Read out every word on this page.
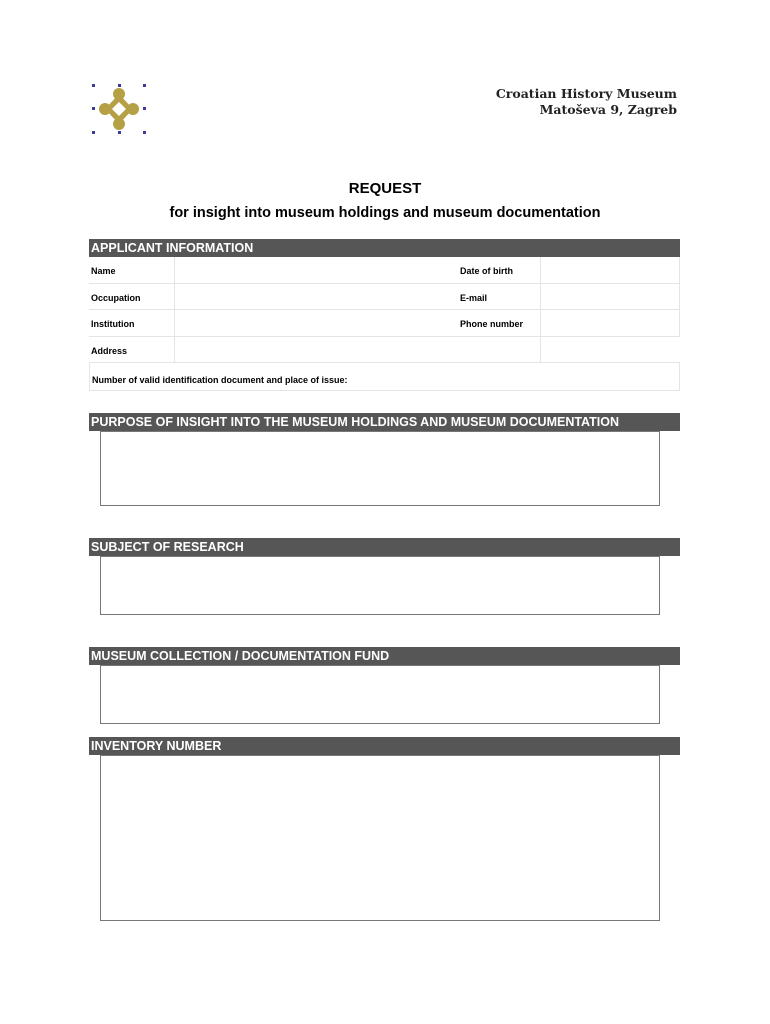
Croatian History Museum
Matoševa 9, Zagreb
REQUEST
for insight into museum holdings and museum documentation
APPLICANT INFORMATION
Name	Date of birth
Occupation	E-mail
Institution	Phone number
Address
Number of valid identification document and place of issue:
PURPOSE OF INSIGHT INTO THE MUSEUM HOLDINGS AND MUSEUM DOCUMENTATION
SUBJECT OF RESEARCH
MUSEUM COLLECTION / DOCUMENTATION FUND
INVENTORY NUMBER
